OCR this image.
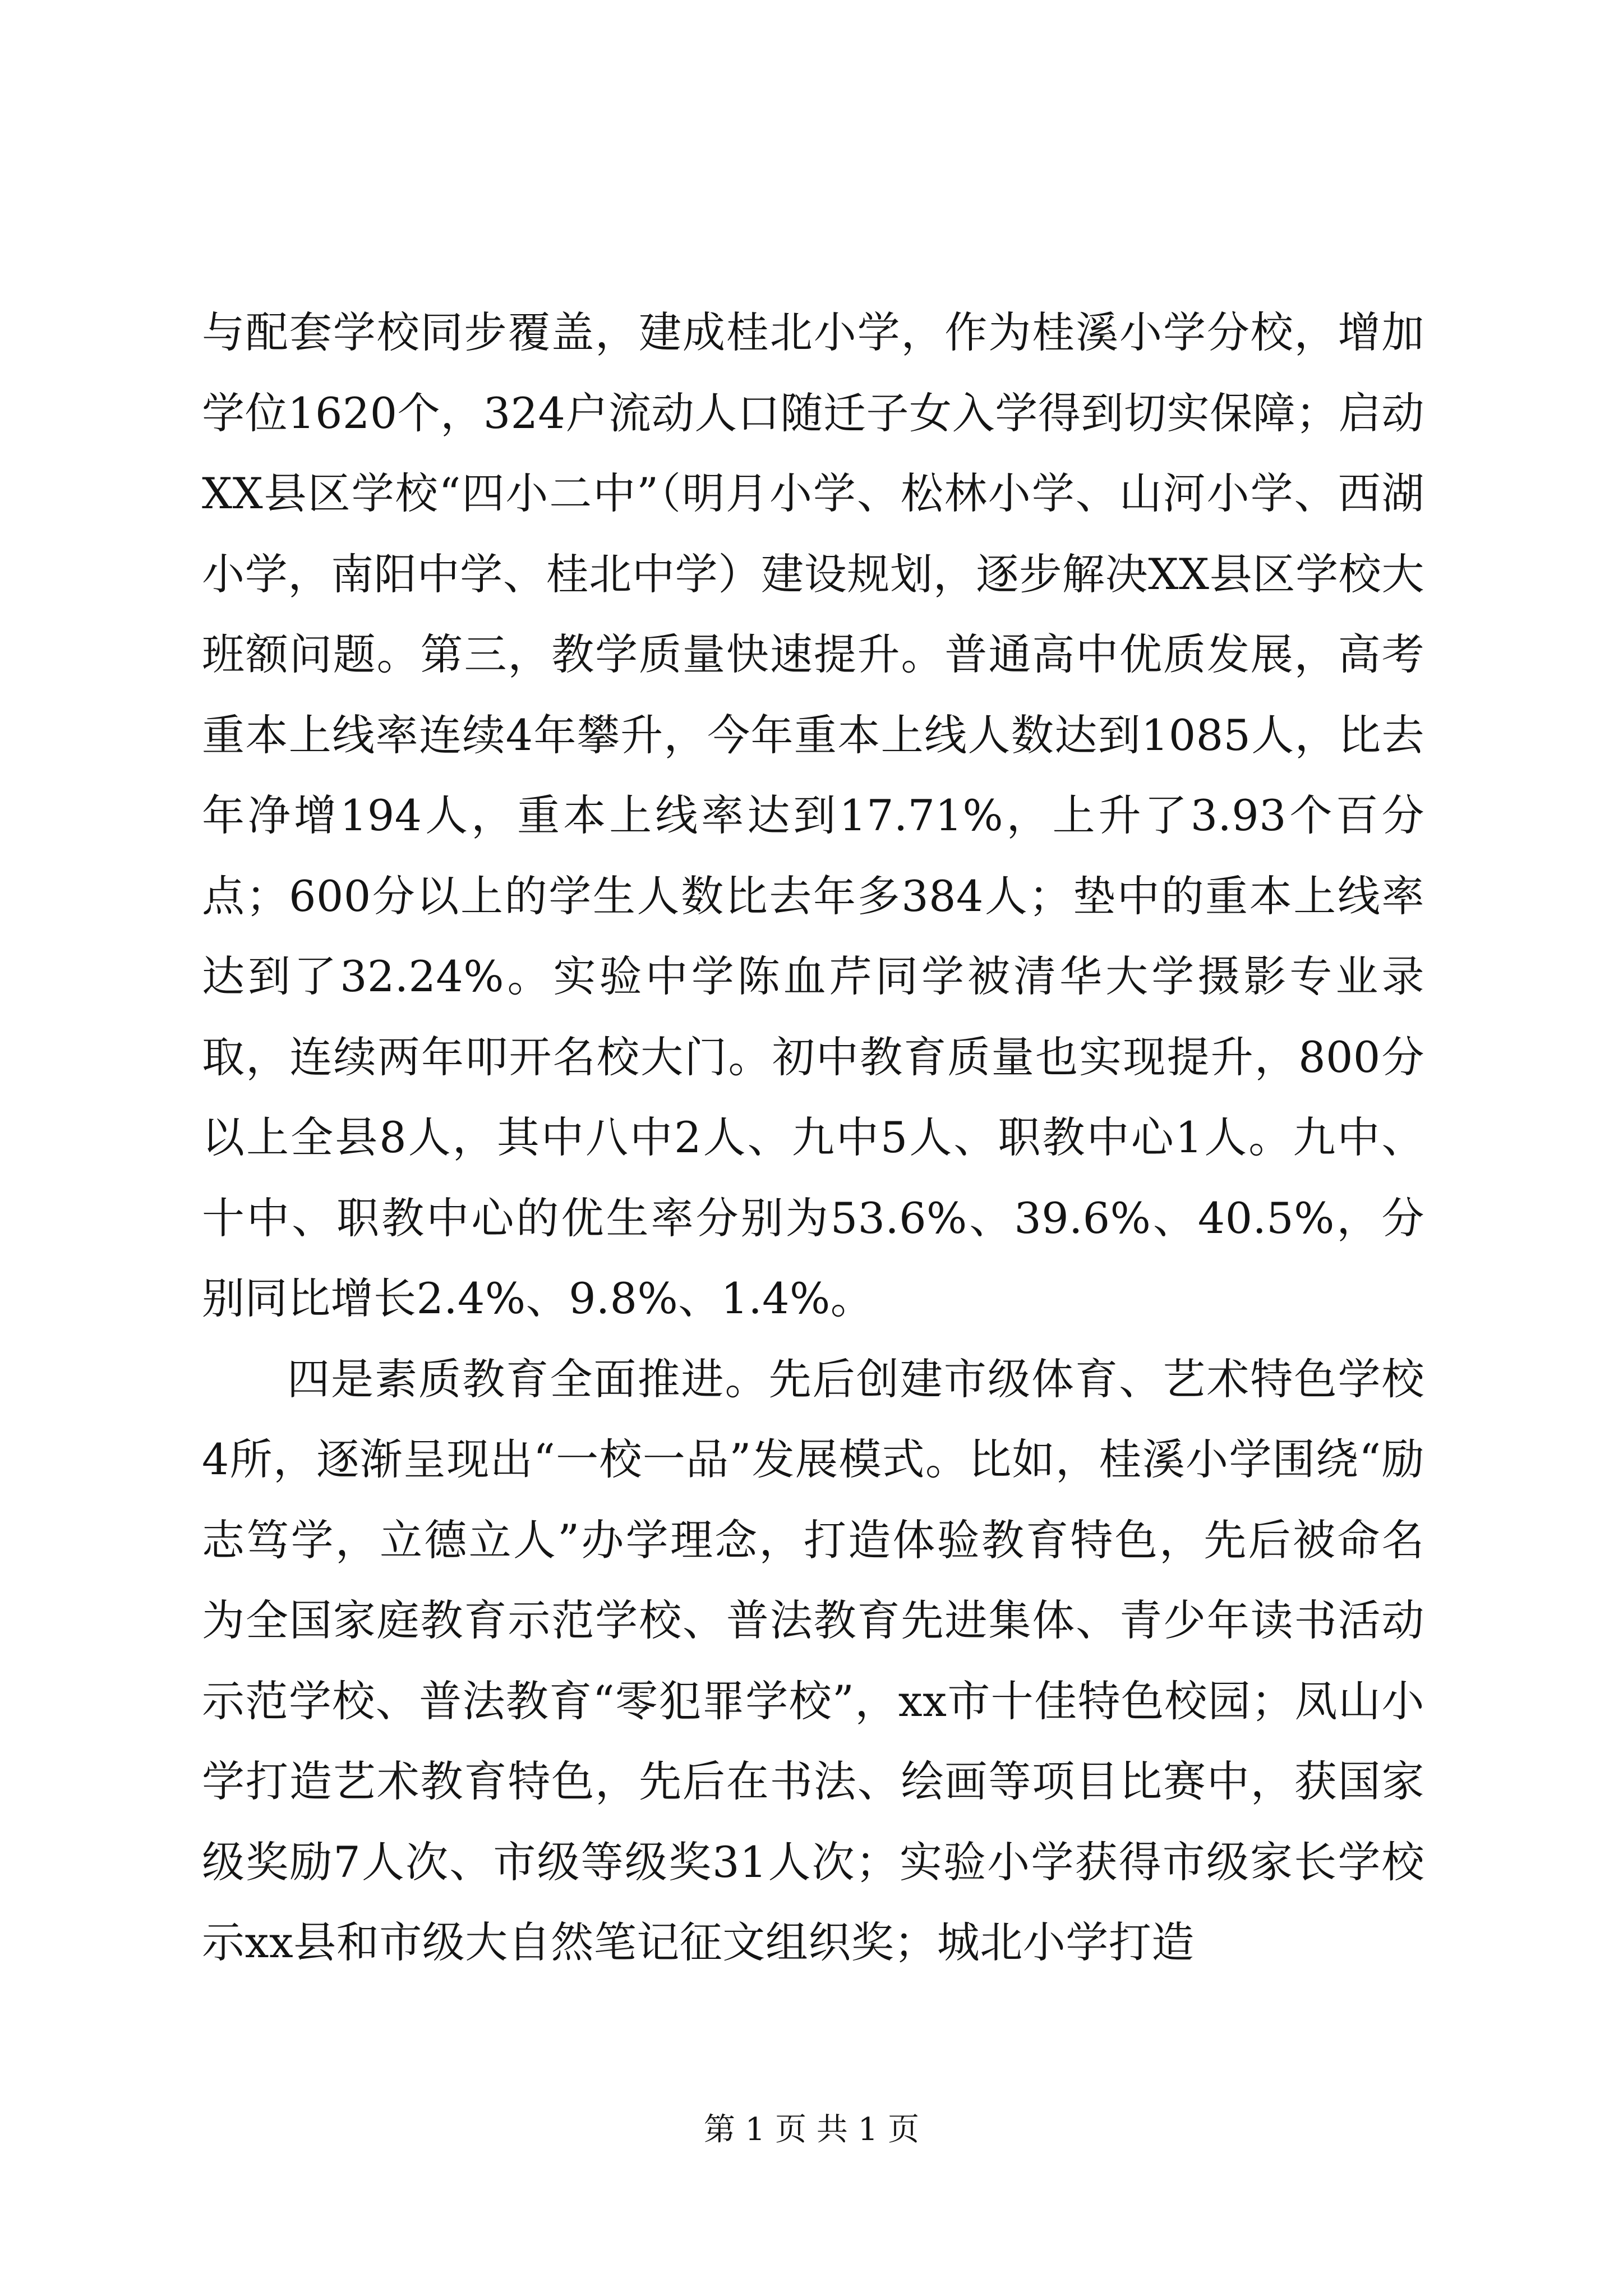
与配套学校同步覆盖，建成桂北小学，作为桂溪小学分校，增加学位1620个，324户流动人口随迁子女入学得到切实保障；启动XX县区学校“四小二中”（明月小学、松林小学、山河小学、西湖小学，南阳中学、桂北中学）建设规划，逐步解决XX县区学校大班额问题。第三，教学质量快速提升。普通高中优质发展，高考重本上线率连续4年攀升，今年重本上线人数达到1085人，比去年净增194人，重本上线率达到17.71%，上升了3.93个百分点；600分以上的学生人数比去年多384人；垫中的重本上线率达到了32.24%。实验中学陈血芹同学被清华大学摄影专业录取，连续两年叩开名校大门。初中教育质量也实现提升，800分以上全县8人，其中八中2人、九中5人、职教中心1人。九中、十中、职教中心的优生率分别为53.6%、39.6%、40.5%，分别同比增长2.4%、9.8%、1.4%。

四是素质教育全面推进。先后创建市级体育、艺术特色学校4所，逐渐呈现出“一校一品”发展模式。比如，桂溪小学围绕“励志笃学，立德立人”办学理念，打造体验教育特色，先后被命名为全国家庭教育示范学校、普法教育先进集体、青少年读书活动示范学校、普法教育“零犯罪学校”，xx市十佳特色校园；凤山小学打造艺术教育特色，先后在书法、绘画等项目比赛中，获国家级奖励7人次、市级等级奖31人次；实验小学获得市级家长学校示xx县和市级大自然笔记征文组织奖；城北小学打造

第 1 页 共 1 页
